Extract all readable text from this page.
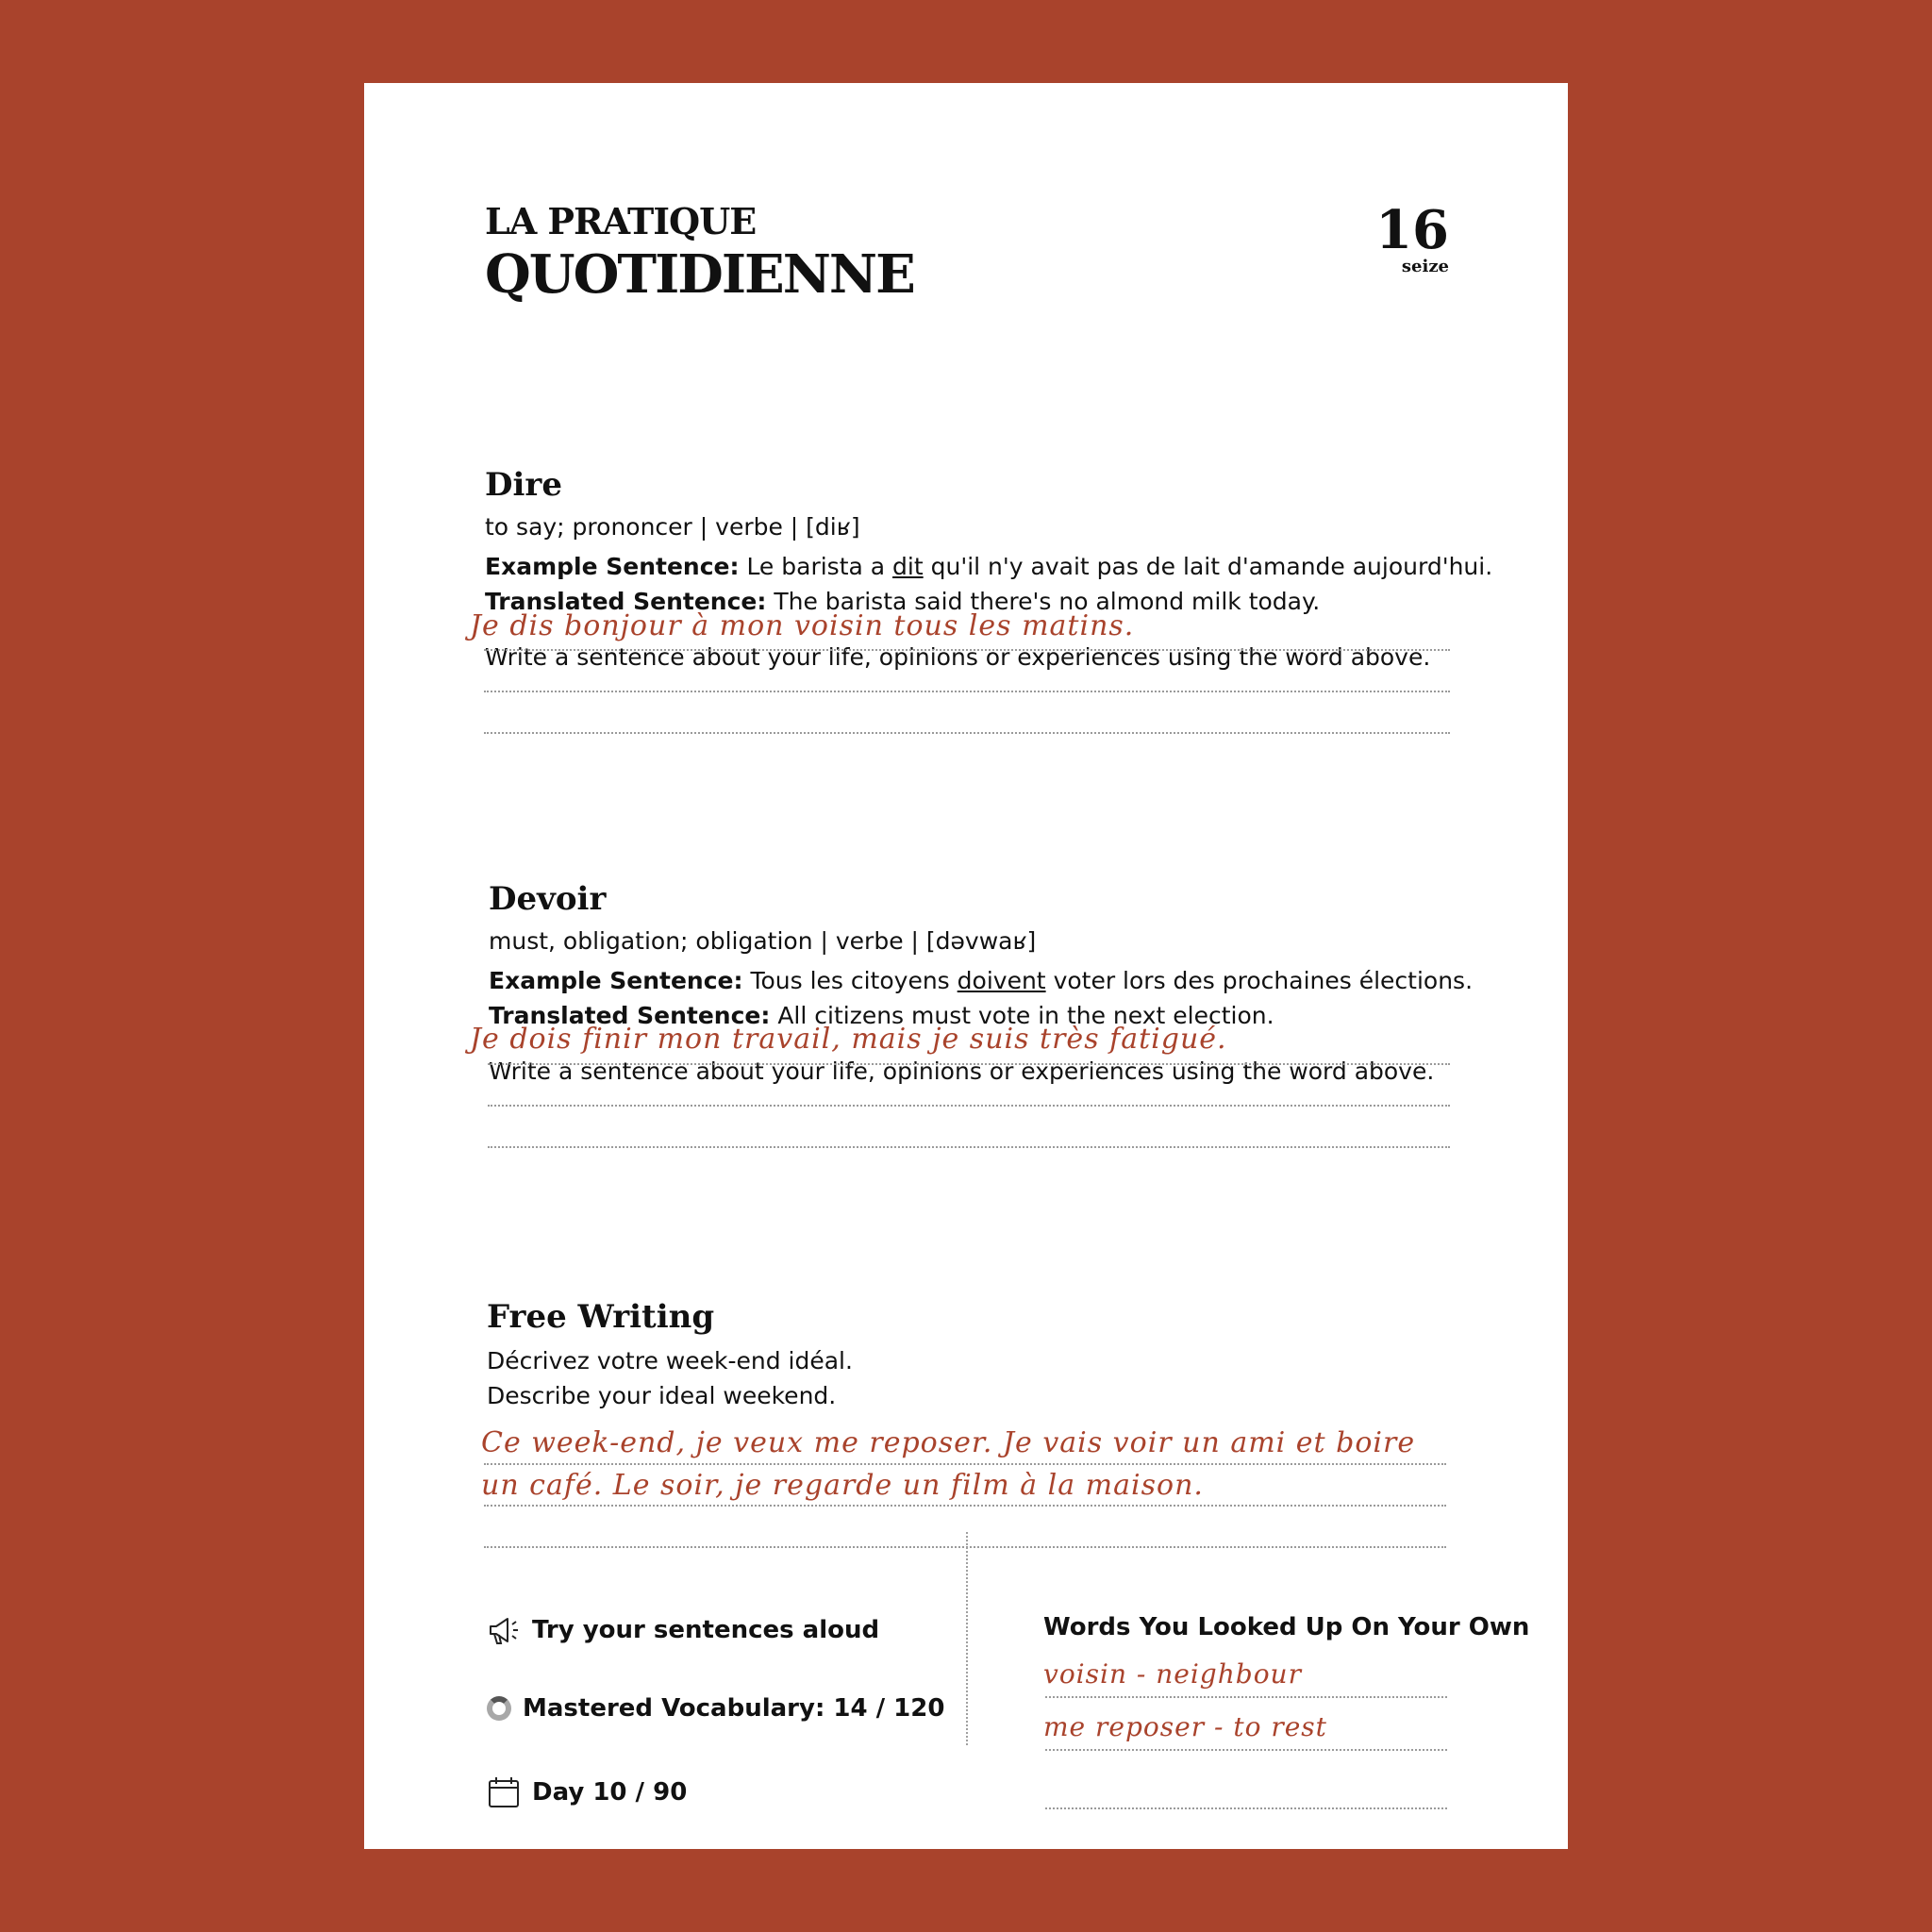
LA PRATIQUE
QUOTIDIENNE
16
seize
Dire
to say; prononcer | verbe | [diʁ]
Example Sentence: Le barista a dit qu'il n'y avait pas de lait d'amande aujourd'hui.
Translated Sentence: The barista said there's no almond milk today.
Write a sentence about your life, opinions or experiences using the word above.
Je dis bonjour à mon voisin tous les matins.
Devoir
must, obligation; obligation | verbe | [dəvwaʁ]
Example Sentence: Tous les citoyens doivent voter lors des prochaines élections.
Translated Sentence: All citizens must vote in the next election.
Write a sentence about your life, opinions or experiences using the word above.
Je dois finir mon travail, mais je suis très fatigué.
Free Writing
Décrivez votre week-end idéal.
Describe your ideal weekend.
Ce week-end, je veux me reposer. Je vais voir un ami et boire
un café. Le soir, je regarde un film à la maison.
Try your sentences aloud
Mastered Vocabulary: 14 / 120
Day 10 / 90
Words You Looked Up On Your Own
voisin - neighbour
me reposer - to rest
